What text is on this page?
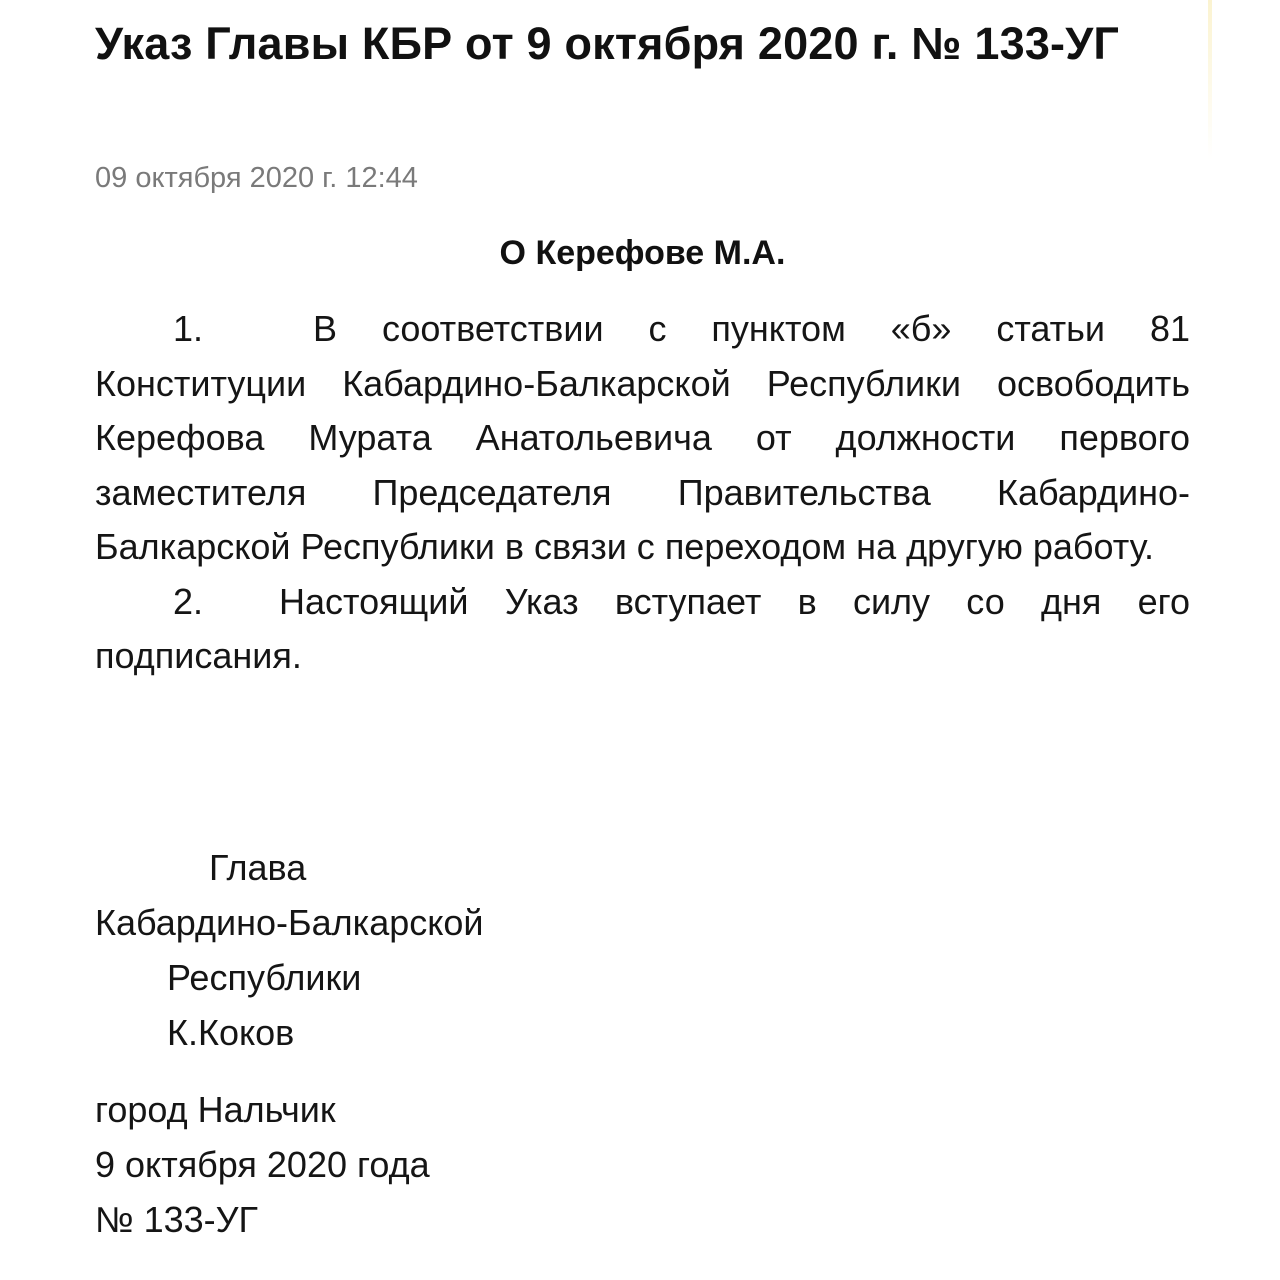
Указ Главы КБР от 9 октября 2020 г. № 133-УГ
09 октября 2020 г. 12:44
О Керефове М.А.

1.	В соответствии с пунктом «б» статьи 81 Конституции Кабардино-Балкарской Республики освободить Керефова Мурата Анатольевича от должности первого заместителя Председателя Правительства Кабардино-Балкарской Республики в связи с переходом на другую работу.

2. Настоящий Указ вступает в силу со дня его подписания.

Глава
Кабардино-Балкарской
Республики
К.Коков
город Нальчик
9 октября 2020 года
№ 133-УГ
